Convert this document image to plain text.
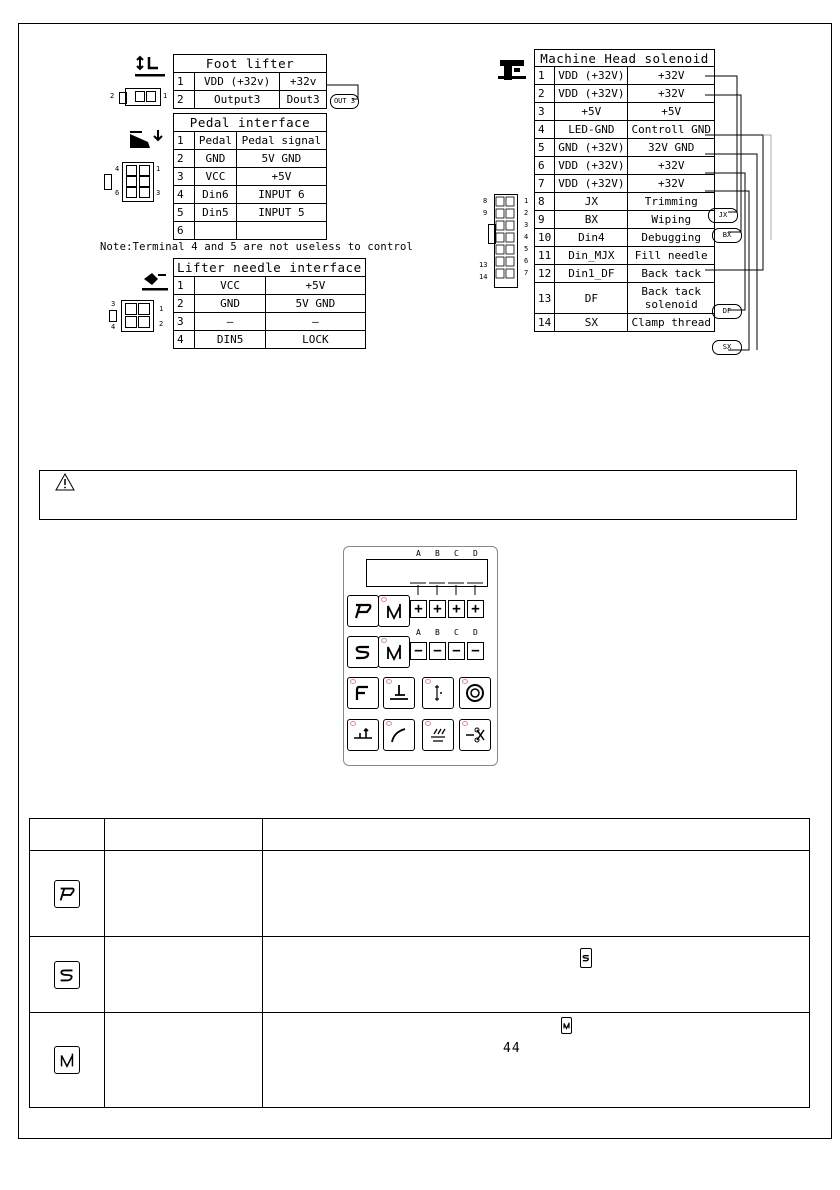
2	1
Foot lifter		
1	VDD (+32v)	+32v
2	Output3	Dout3	OUT 3
4	1
6	3
Pedal interface		
1	Pedal	Pedal signal
2	GND	5V GND
3	VCC	+5V
4	Din6	INPUT 6
5	Din5	INPUT 5
6		
Note:Terminal 4 and 5 are not useless to control
3
1
4	2
Lifter needle interface		
1	VCC	+5V
2	GND	5V GND
3	—	—
4	DIN5	LOCK
8
9
13
14
1
2
3
4
5
6
7
Machine Head solenoid		
1	VDD (+32V)	+32V
2	VDD (+32V)	+32V
3	+5V	+5V
4	LED-GND	Controll GND
5	GND (+32V)	32V GND
6	VDD (+32V)	+32V
7	VDD (+32V)	+32V
8	JX	Trimming
9	BX	Wiping
10	Din4	Debugging
11	Din_MJX	Fill needle
12	Din1_DF	Back tack
13	DF	Back tack solenoid
14	SX	Clamp thread
JX
BX
DF
SX
A B C D
+ + + +
A B C D
− − − −

44
